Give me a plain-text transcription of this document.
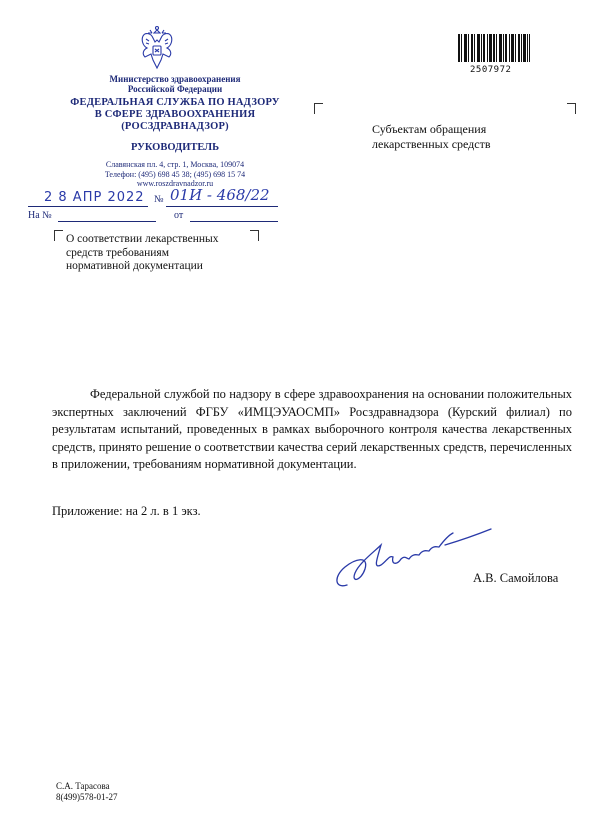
Министерство здравоохранения
Российской Федерации
ФЕДЕРАЛЬНАЯ СЛУЖБА ПО НАДЗОРУ
В СФЕРЕ ЗДРАВООХРАНЕНИЯ
(РОСЗДРАВНАДЗОР)
РУКОВОДИТЕЛЬ
Славянская пл. 4, стр. 1, Москва, 109074
Телефон: (495) 698 45 38; (495) 698 15 74
www.roszdravnadzor.ru
2 8 АПР 2022 № 01И - 468/22
На №	от
О соответствии лекарственных
средств требованиям
нормативной документации
Субъектам обращения
лекарственных средств
2507972
Федеральной службой по надзору в сфере здравоохранения на основании положительных экспертных заключений ФГБУ «ИМЦЭУАОСМП» Росздравнадзора (Курский филиал) по результатам испытаний, проведенных в рамках выборочного контроля качества лекарственных средств, принято решение о соответствии качества серий лекарственных средств, перечисленных в приложении, требованиям нормативной документации.
Приложение: на 2 л. в 1 экз.
А.В. Самойлова
С.А. Тарасова
8(499)578-01-27
